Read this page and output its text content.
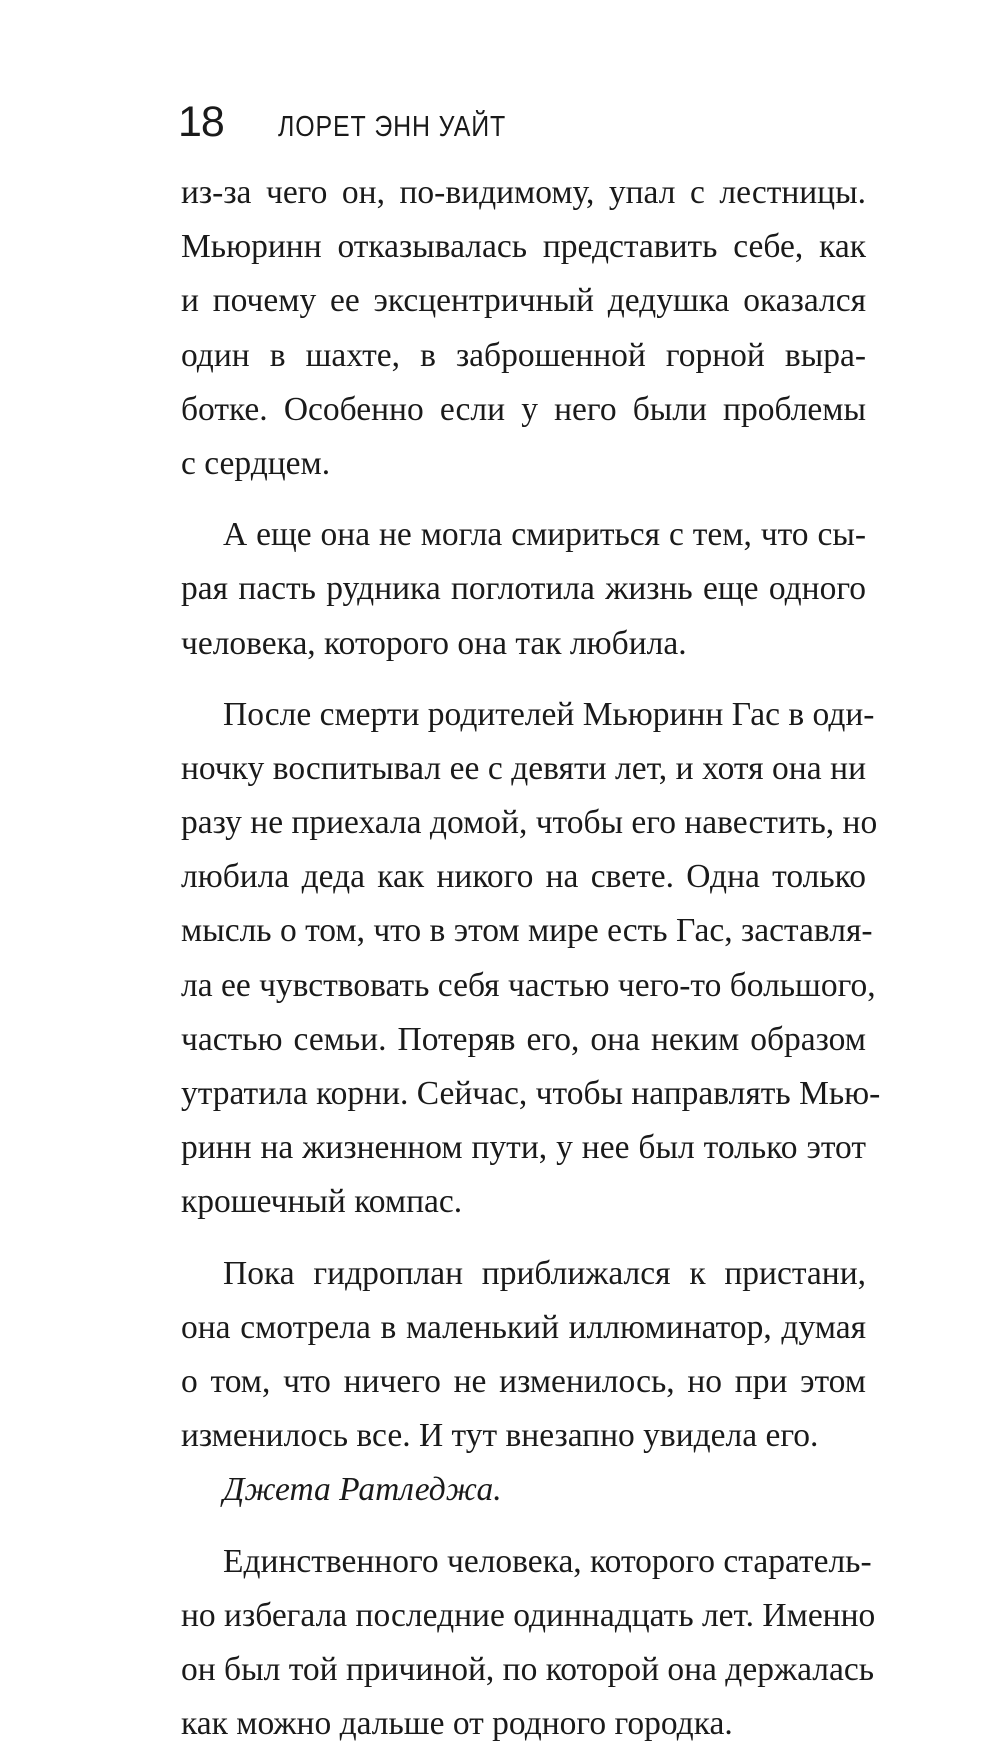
18 ЛОРЕТ ЭНН УАЙТ
из-за чего он, по-видимому, упал с лестницы.
Мьюринн отказывалась представить себе, как
и почему ее эксцентричный дедушка оказался
один в шахте, в заброшенной горной выра-
ботке. Особенно если у него были проблемы
с сердцем.
А еще она не могла смириться с тем, что сы-
рая пасть рудника поглотила жизнь еще одного
человека, которого она так любила.
После смерти родителей Мьюринн Гас в оди-
ночку воспитывал ее с девяти лет, и хотя она ни
разу не приехала домой, чтобы его навестить, но
любила деда как никого на свете. Одна только
мысль о том, что в этом мире есть Гас, заставля-
ла ее чувствовать себя частью чего-то большого,
частью семьи. Потеряв его, она неким образом
утратила корни. Сейчас, чтобы направлять Мью-
ринн на жизненном пути, у нее был только этот
крошечный компас.
Пока гидроплан приближался к пристани,
она смотрела в маленький иллюминатор, думая
о том, что ничего не изменилось, но при этом
изменилось все. И тут внезапно увидела его.
Джета Ратледжа.
Единственного человека, которого старатель-
но избегала последние одиннадцать лет. Именно
он был той причиной, по которой она держалась
как можно дальше от родного городка.
